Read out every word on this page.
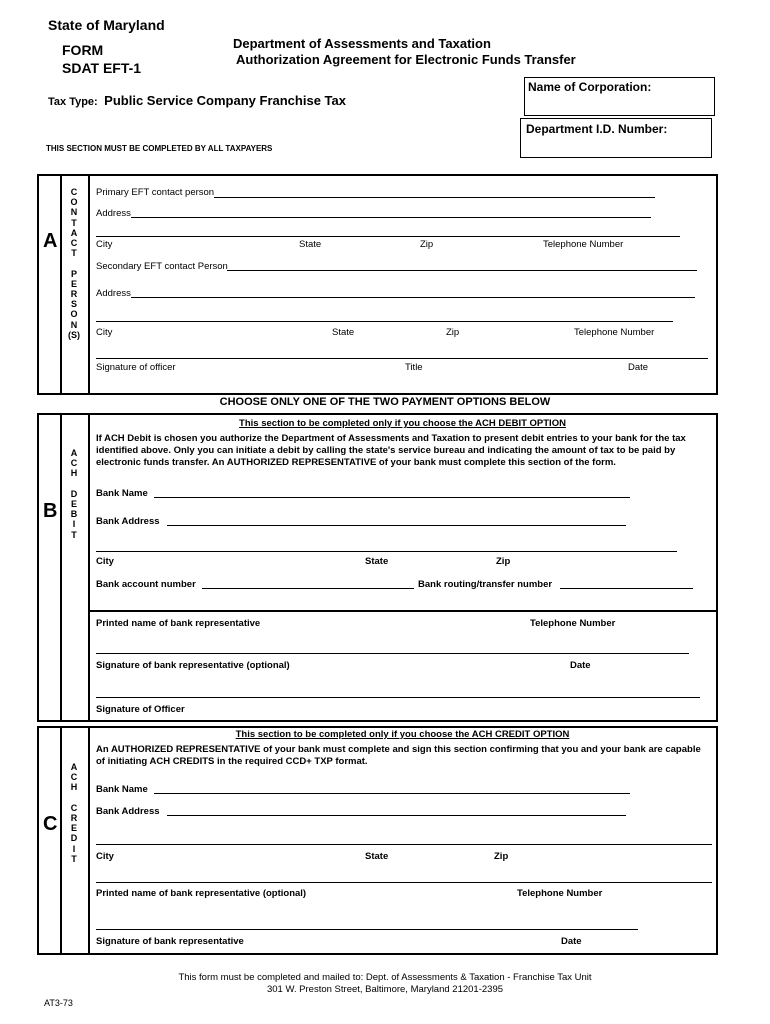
State of Maryland
FORM
SDAT EFT-1
Department of Assessments and Taxation
Authorization Agreement for Electronic Funds Transfer
Name of Corporation:
Department I.D. Number:
Tax Type: Public Service Company Franchise Tax
THIS SECTION MUST BE COMPLETED BY ALL TAXPAYERS
A
C
O
N
T
A
C
T

P
E
R
S
O
N
(S)
Primary EFT contact person
Address
City	State	Zip	Telephone Number
Secondary EFT contact Person
Address
City	State	Zip	Telephone Number
Signature of officer	Title	Date
CHOOSE ONLY ONE OF THE TWO PAYMENT OPTIONS BELOW
B
A
C
H

D
E
B
I
T
This section to be completed only if you choose the ACH DEBIT OPTION
If ACH Debit is chosen you authorize the Department of Assessments and Taxation to present debit entries to your bank for the tax identified above. Only you can initiate a debit by calling the state's service bureau and indicating the amount of tax to be paid by electronic funds transfer. An AUTHORIZED REPRESENTATIVE of your bank must complete this section of the form.
Bank Name
Bank Address
City	State	Zip
Bank account number	Bank routing/transfer number
Printed name of bank representative	Telephone Number
Signature of bank representative (optional)	Date
Signature of Officer
C
A
C
H

C
R
E
D
I
T
This section to be completed only if you choose the ACH CREDIT OPTION
An AUTHORIZED REPRESENTATIVE of your bank must complete and sign this section confirming that you and your bank are capable of initiating ACH CREDITS in the required CCD+ TXP format.
Bank Name
Bank Address
City	State	Zip
Printed name of bank representative (optional)	Telephone Number
Signature of bank representative	Date
This form must be completed and mailed to: Dept. of Assessments & Taxation - Franchise Tax Unit
301 W. Preston Street, Baltimore, Maryland 21201-2395
AT3-73
